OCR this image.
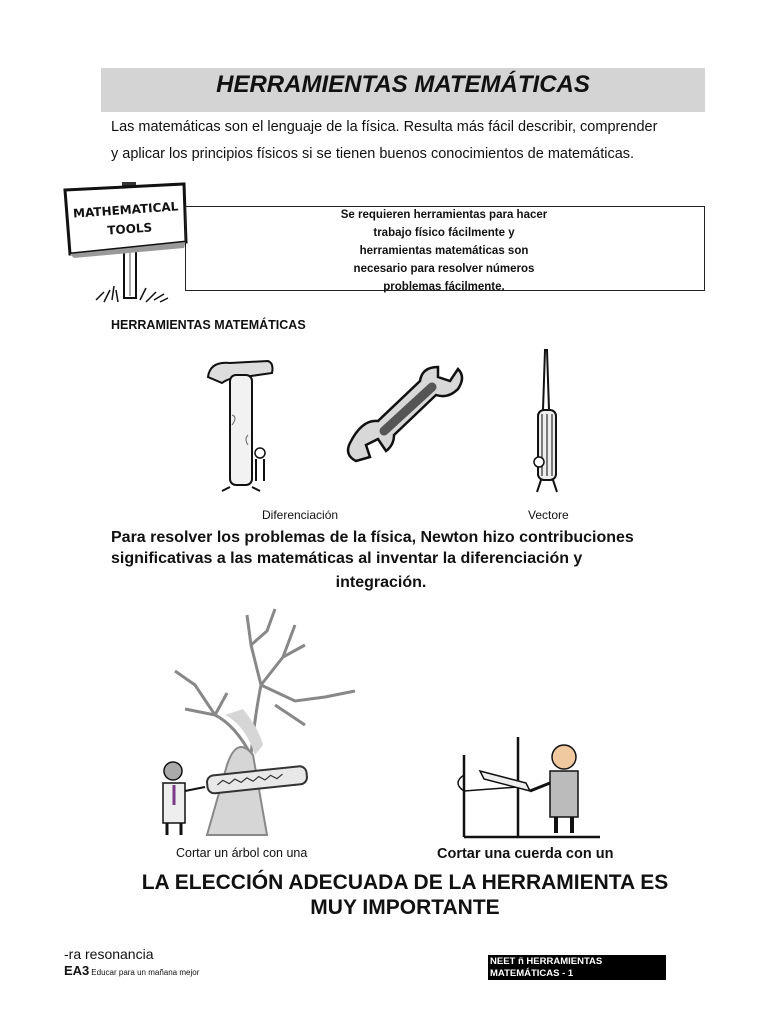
HERRAMIENTAS MATEMÁTICAS
Las matemáticas son el lenguaje de la física. Resulta más fácil describir, comprender
y aplicar los principios físicos si se tienen buenos conocimientos de matemáticas.
MATHEMATICAL
TOOLS
Se requieren herramientas para hacer
trabajo físico fácilmente y
herramientas matemáticas son
necesario para resolver números
problemas fácilmente.
HERRAMIENTAS MATEMÁTICAS
Diferenciación	Vectore
Para resolver los problemas de la física, Newton hizo contribuciones
significativas a las matemáticas al inventar la diferenciación y
integración.
Cortar un árbol con una	Cortar una cuerda con un
LA ELECCIÓN ADECUADA DE LA HERRAMIENTA ES
MUY IMPORTANTE
-ra resonancia
EA3 Educar para un mañana mejor
NEET ñ HERRAMIENTAS
MATEMÁTICAS - 1
